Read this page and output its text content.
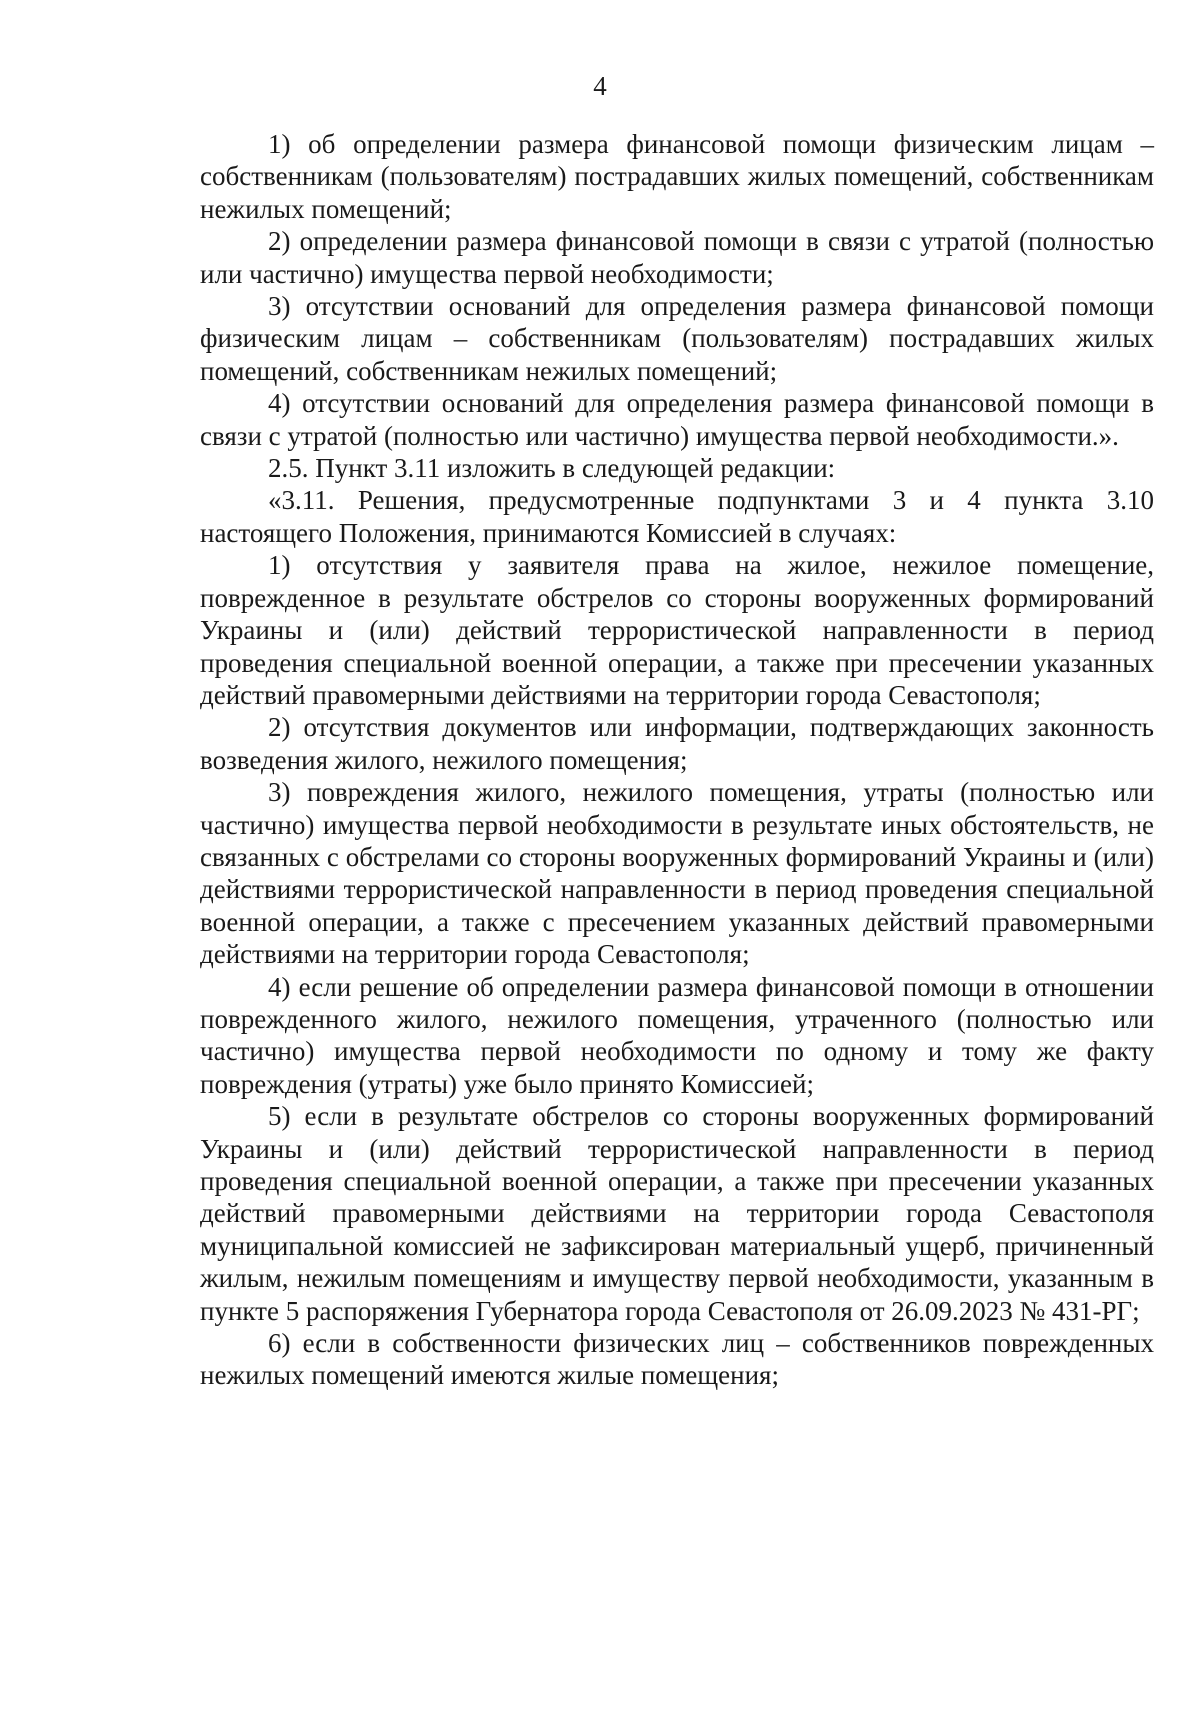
4

1) об определении размера финансовой помощи физическим лицам – собственникам (пользователям) пострадавших жилых помещений, собственникам нежилых помещений;

2) определении размера финансовой помощи в связи с утратой (полностью или частично) имущества первой необходимости;

3) отсутствии оснований для определения размера финансовой помощи физическим лицам – собственникам (пользователям) пострадавших жилых помещений, собственникам нежилых помещений;

4) отсутствии оснований для определения размера финансовой помощи в связи с утратой (полностью или частично) имущества первой необходимости.».

2.5. Пункт 3.11 изложить в следующей редакции:

«3.11. Решения, предусмотренные подпунктами 3 и 4 пункта 3.10 настоящего Положения, принимаются Комиссией в случаях:

1) отсутствия у заявителя права на жилое, нежилое помещение, поврежденное в результате обстрелов со стороны вооруженных формирований Украины и (или) действий террористической направленности в период проведения специальной военной операции, а также при пресечении указанных действий правомерными действиями на территории города Севастополя;

2) отсутствия документов или информации, подтверждающих законность возведения жилого, нежилого помещения;

3) повреждения жилого, нежилого помещения, утраты (полностью или частично) имущества первой необходимости в результате иных обстоятельств, не связанных с обстрелами со стороны вооруженных формирований Украины и (или) действиями террористической направленности в период проведения специальной военной операции, а также с пресечением указанных действий правомерными действиями на территории города Севастополя;

4) если решение об определении размера финансовой помощи в отношении поврежденного жилого, нежилого помещения, утраченного (полностью или частично) имущества первой необходимости по одному и тому же факту повреждения (утраты) уже было принято Комиссией;

5) если в результате обстрелов со стороны вооруженных формирований Украины и (или) действий террористической направленности в период проведения специальной военной операции, а также при пресечении указанных действий правомерными действиями на территории города Севастополя муниципальной комиссией не зафиксирован материальный ущерб, причиненный жилым, нежилым помещениям и имуществу первой необходимости, указанным в пункте 5 распоряжения Губернатора города Севастополя от 26.09.2023 № 431-РГ;

6) если в собственности физических лиц – собственников поврежденных нежилых помещений имеются жилые помещения;
